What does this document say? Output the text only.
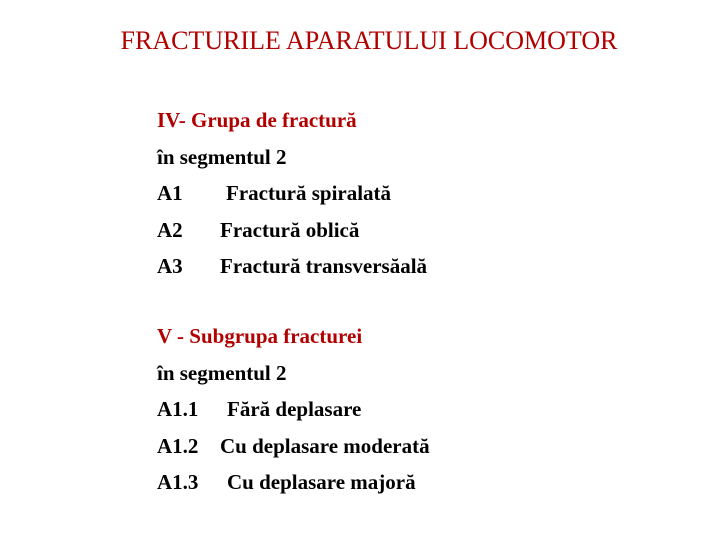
FRACTURILE APARATULUI LOCOMOTOR
IV- Grupa de fractură
în segmentul 2
A1 Fractură spiralată
A2 Fractură oblică
A3 Fractură transversăală
V - Subgrupa fracturei
în segmentul 2
A1.1 Fără deplasare
A1.2 Cu deplasare moderată
A1.3 Cu deplasare majoră
